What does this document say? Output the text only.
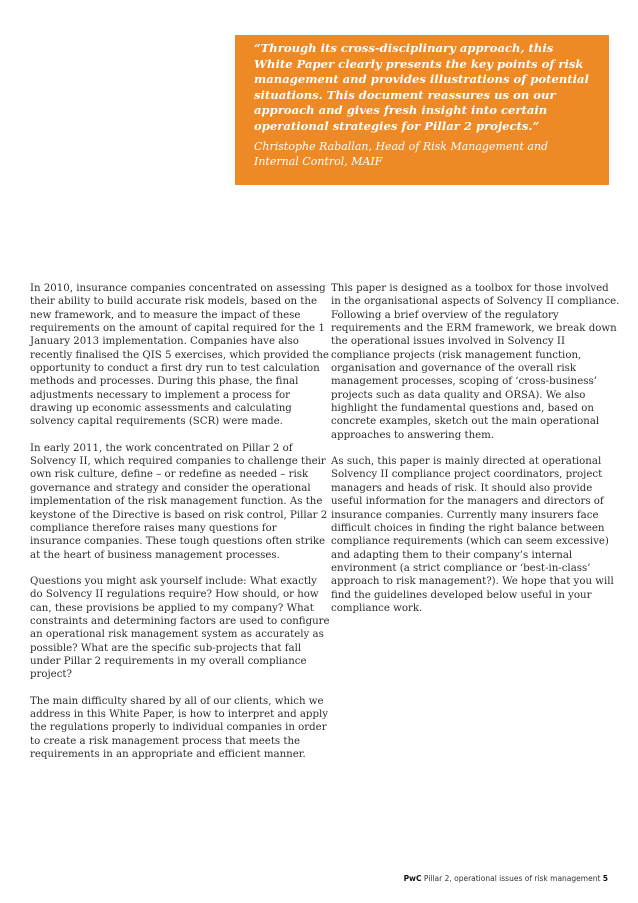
“Through its cross-disciplinary approach, this White Paper clearly presents the key points of risk management and provides illustrations of potential situations. This document reassures us on our approach and gives fresh insight into certain operational strategies for Pillar 2 projects.”

Christophe Raballan, Head of Risk Management and Internal Control, MAIF

In 2010, insurance companies concentrated on assessing their ability to build accurate risk models, based on the new framework, and to measure the impact of these requirements on the amount of capital required for the 1 January 2013 implementation. Companies have also recently finalised the QIS 5 exercises, which provided the opportunity to conduct a first dry run to test calculation methods and processes. During this phase, the final adjustments necessary to implement a process for drawing up economic assessments and calculating solvency capital requirements (SCR) were made.

In early 2011, the work concentrated on Pillar 2 of Solvency II, which required companies to challenge their own risk culture, define – or redefine as needed – risk governance and strategy and consider the operational implementation of the risk management function. As the keystone of the Directive is based on risk control, Pillar 2 compliance therefore raises many questions for insurance companies. These tough questions often strike at the heart of business management processes.

Questions you might ask yourself include: What exactly do Solvency II regulations require? How should, or how can, these provisions be applied to my company? What constraints and determining factors are used to configure an operational risk management system as accurately as possible? What are the specific sub-projects that fall under Pillar 2 requirements in my overall compliance project?

The main difficulty shared by all of our clients, which we address in this White Paper, is how to interpret and apply the regulations properly to individual companies in order to create a risk management process that meets the requirements in an appropriate and efficient manner.

This paper is designed as a toolbox for those involved in the organisational aspects of Solvency II compliance. Following a brief overview of the regulatory requirements and the ERM framework, we break down the operational issues involved in Solvency II compliance projects (risk management function, organisation and governance of the overall risk management processes, scoping of ‘cross-business’ projects such as data quality and ORSA). We also highlight the fundamental questions and, based on concrete examples, sketch out the main operational approaches to answering them.

As such, this paper is mainly directed at operational Solvency II compliance project coordinators, project managers and heads of risk. It should also provide useful information for the managers and directors of insurance companies. Currently many insurers face difficult choices in finding the right balance between compliance requirements (which can seem excessive) and adapting them to their company’s internal environment (a strict compliance or ‘best-in-class’ approach to risk management?). We hope that you will find the guidelines developed below useful in your compliance work.

PwC Pillar 2, operational issues of risk management 5
